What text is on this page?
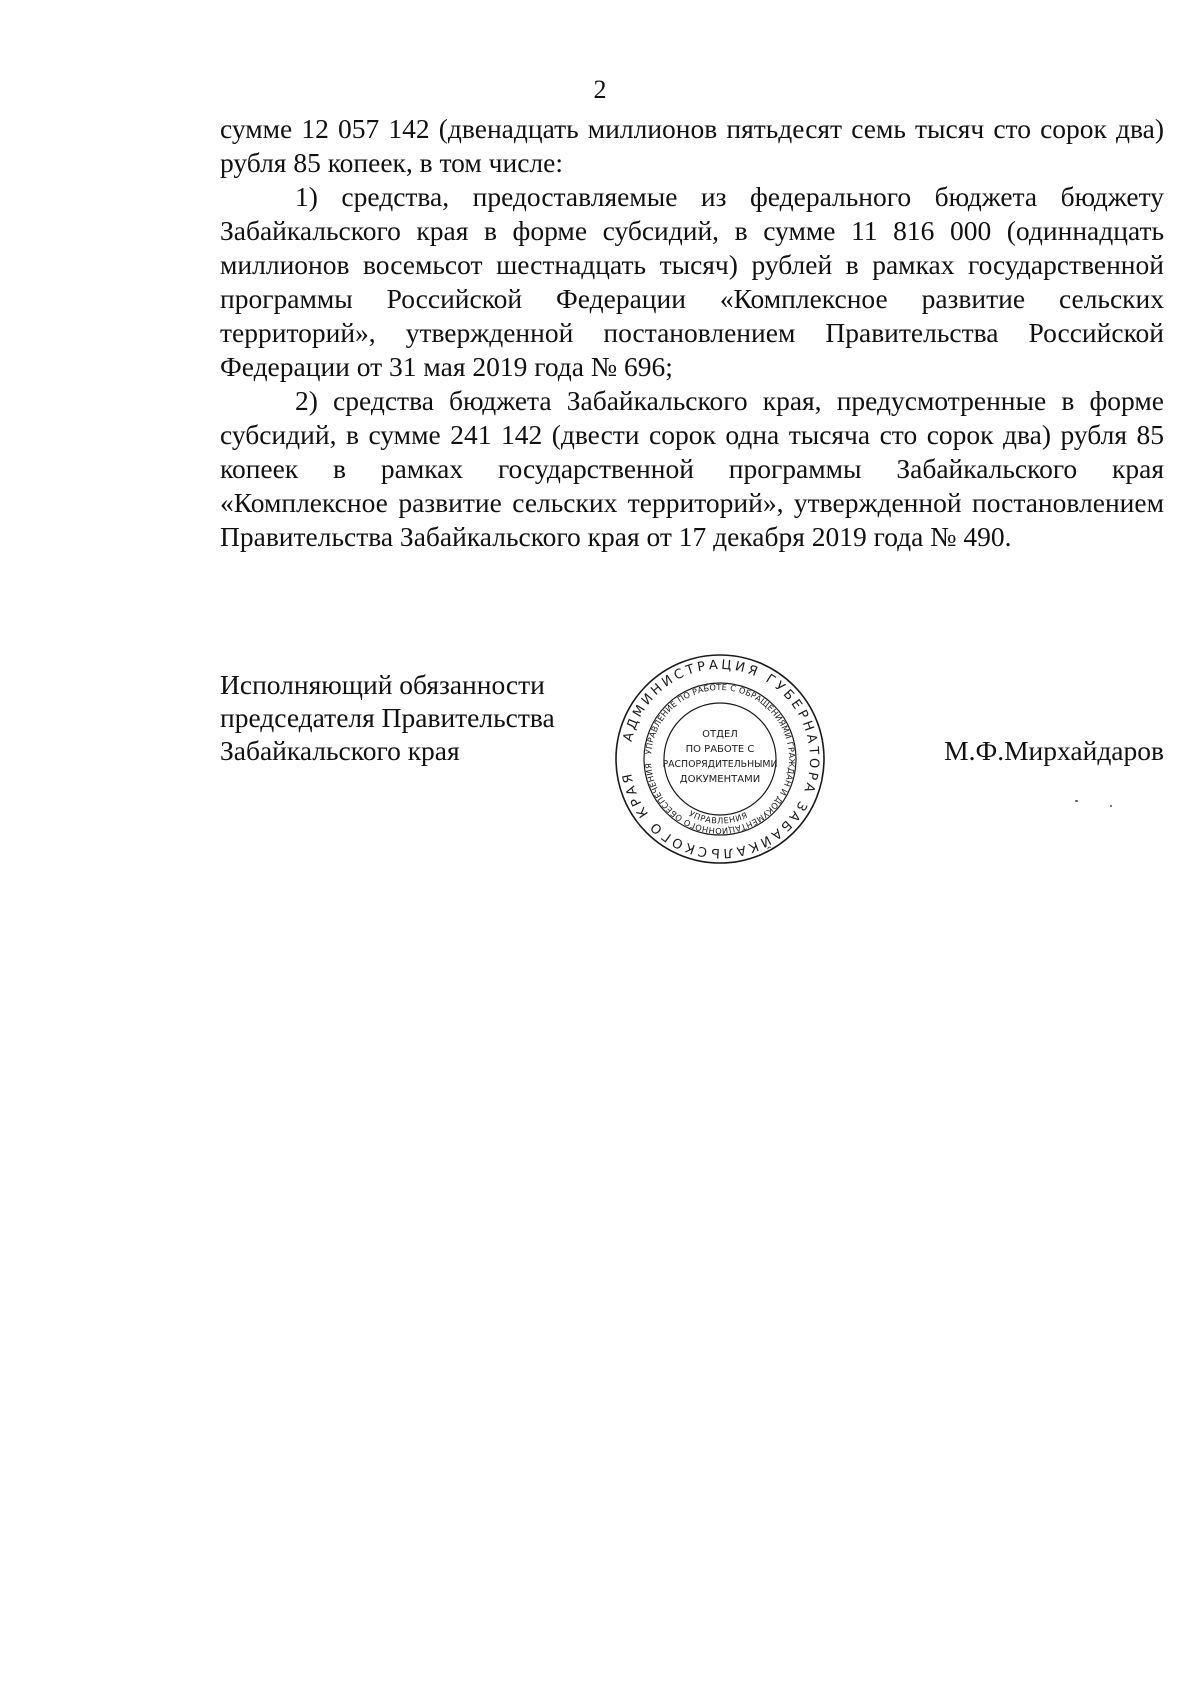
2

сумме 12 057 142 (двенадцать миллионов пятьдесят семь тысяч сто сорок два) рубля 85 копеек, в том числе:

1) средства, предоставляемые из федерального бюджета бюджету Забайкальского края в форме субсидий, в сумме 11 816 000 (одиннадцать миллионов восемьсот шестнадцать тысяч) рублей в рамках государственной программы Российской Федерации «Комплексное развитие сельских территорий», утвержденной постановлением Правительства Российской Федерации от 31 мая 2019 года № 696;

2) средства бюджета Забайкальского края, предусмотренные в форме субсидий, в сумме 241 142 (двести сорок одна тысяча сто сорок два) рубля 85 копеек в рамках государственной программы Забайкальского края «Комплексное развитие сельских территорий», утвержденной постановлением Правительства Забайкальского края от 17 декабря 2019 года № 490.

Исполняющий обязанности
председателя Правительства
Забайкальского края	АДМИНИСТРАЦИЯ ГУБЕРНАТОРА ЗАБАЙКАЛЬСКОГО КРАЯ
УПРАВЛЕНИЕ ПО РАБОТЕ С ОБРАЩЕНИЯМИ ГРАЖДАН И ДОКУМЕНТАЦИОННОГО ОБЕСПЕЧЕНИЯ
УПРАВЛЕНИЯ
ОТДЕЛ
ПО РАБОТЕ С
РАСПОРЯДИТЕЛЬНЫМИ
ДОКУМЕНТАМИ
М.Ф.Мирхайдаров
